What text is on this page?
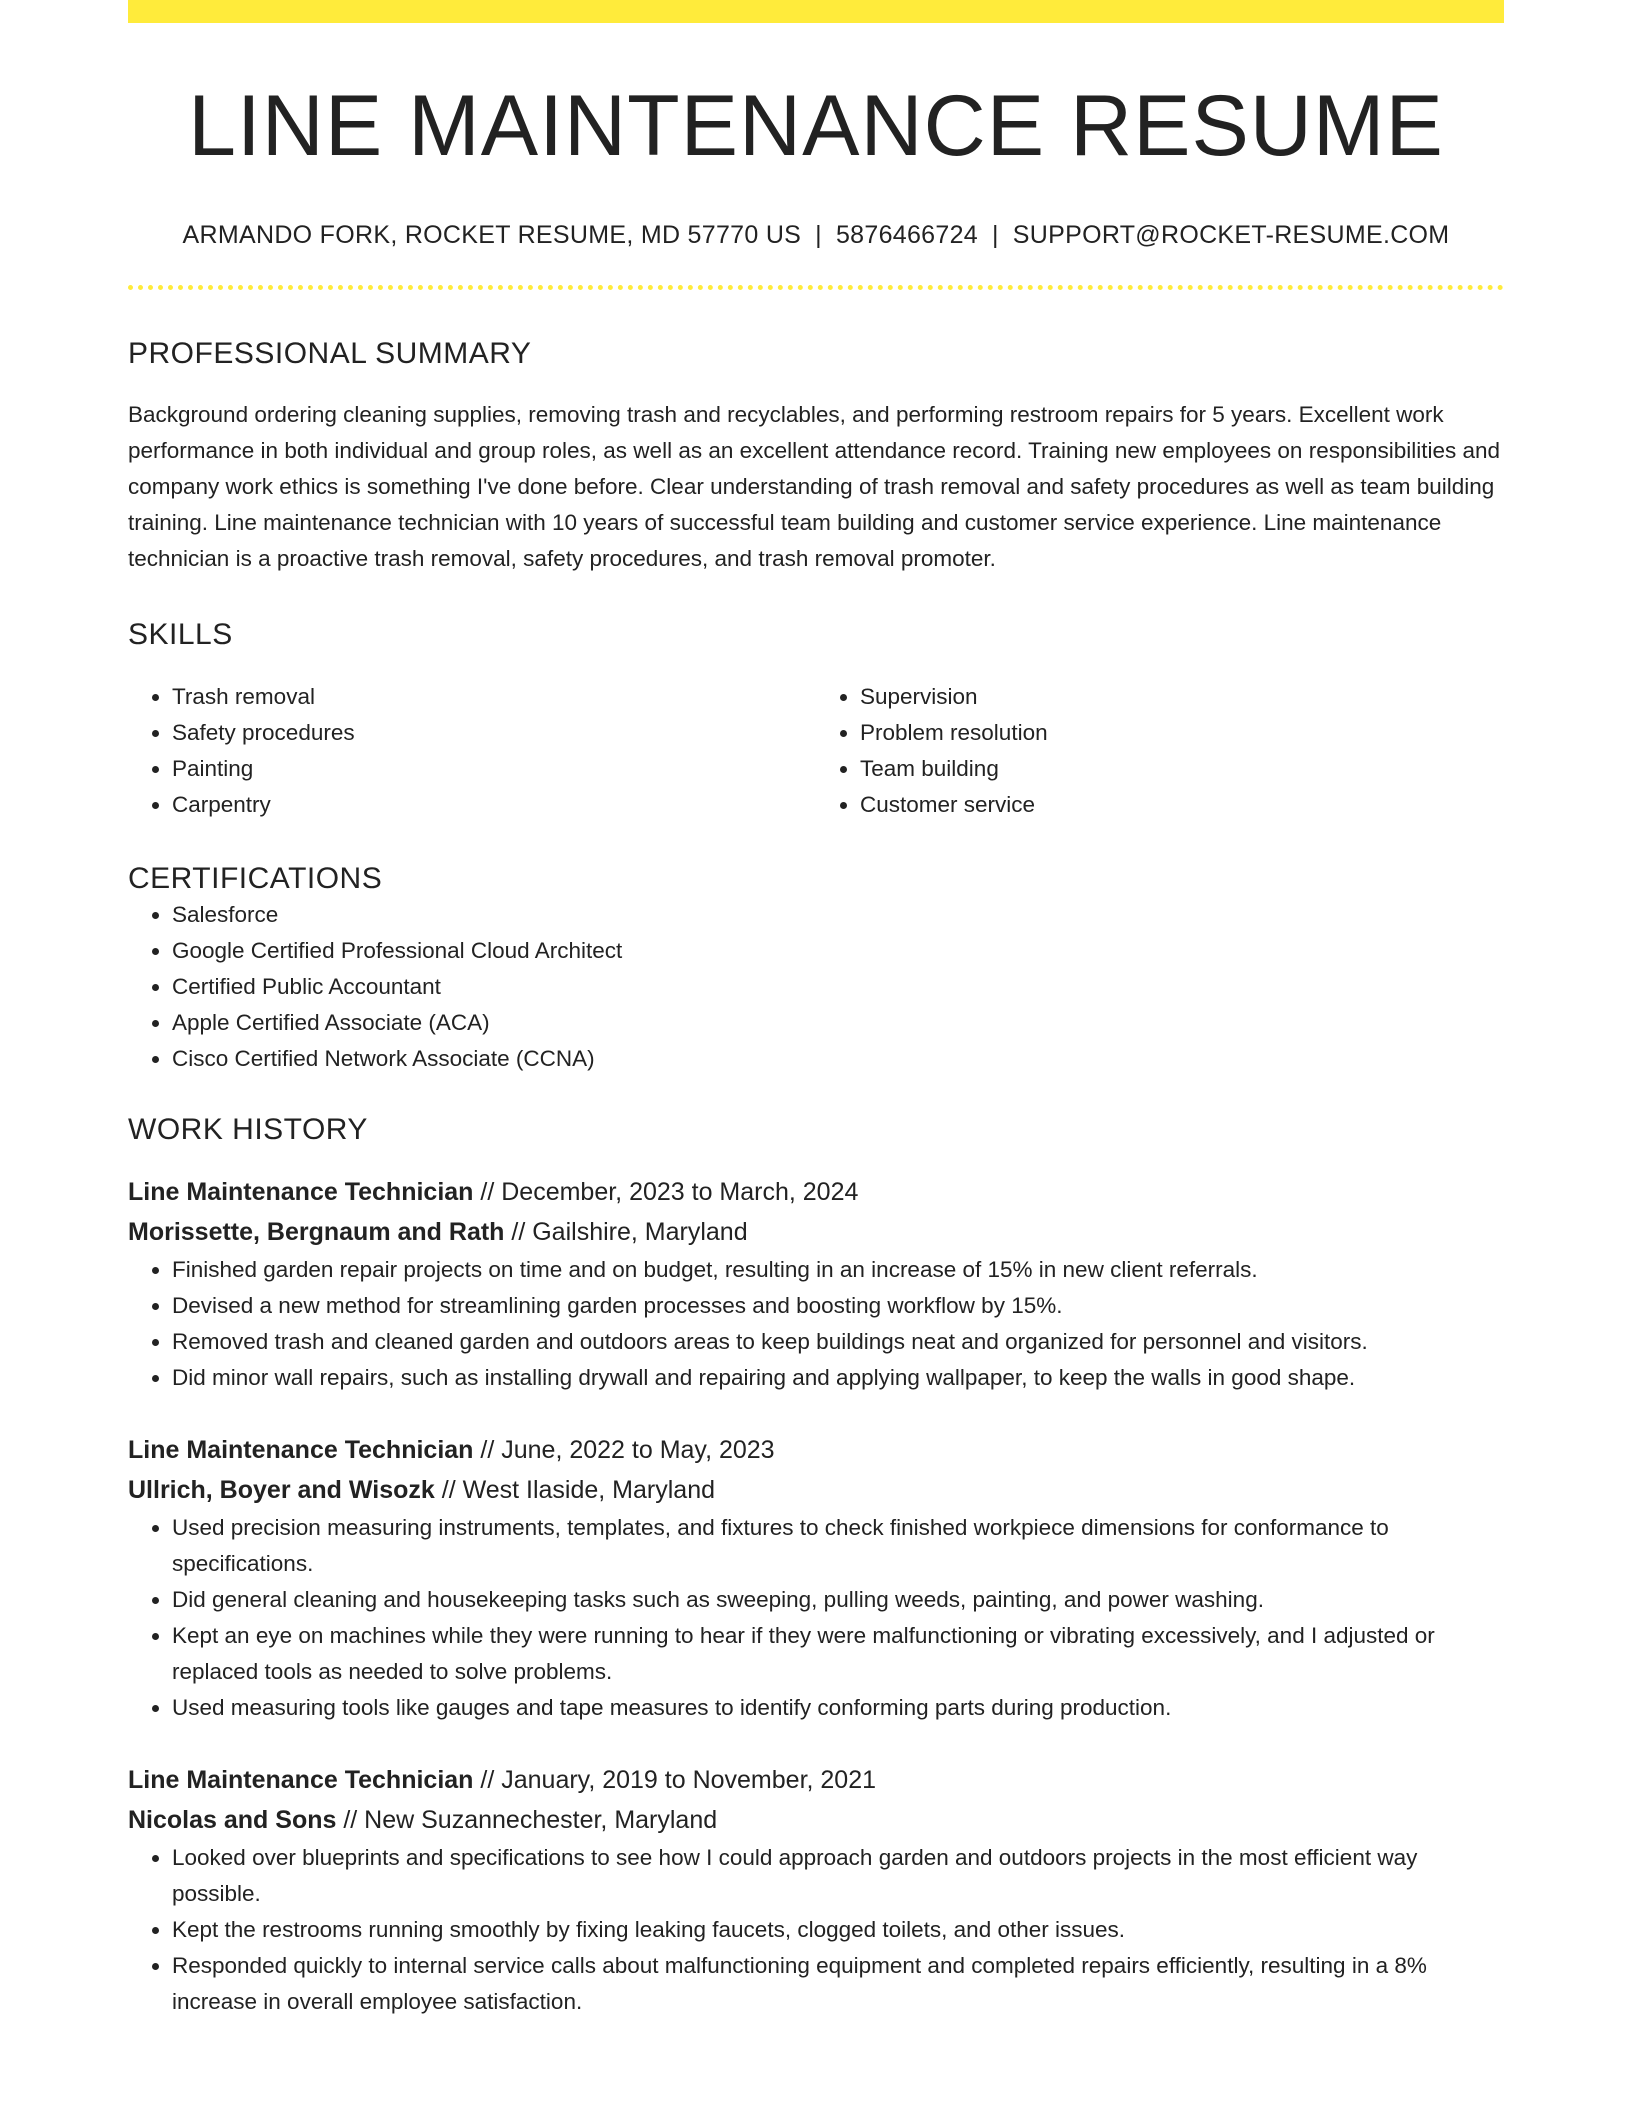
LINE MAINTENANCE RESUME
ARMANDO FORK, ROCKET RESUME, MD 57770 US | 5876466724 | SUPPORT@ROCKET-RESUME.COM
PROFESSIONAL SUMMARY

Background ordering cleaning supplies, removing trash and recyclables, and performing restroom repairs for 5 years. Excellent work performance in both individual and group roles, as well as an excellent attendance record. Training new employees on responsibilities and company work ethics is something I've done before. Clear understanding of trash removal and safety procedures as well as team building training. Line maintenance technician with 10 years of successful team building and customer service experience. Line maintenance technician is a proactive trash removal, safety procedures, and trash removal promoter.

SKILLS
• Trash removal
• Safety procedures
• Painting
• Carpentry
• Supervision
• Problem resolution
• Team building
• Customer service
CERTIFICATIONS
• Salesforce
• Google Certified Professional Cloud Architect
• Certified Public Accountant
• Apple Certified Associate (ACA)
• Cisco Certified Network Associate (CCNA)
WORK HISTORY
Line Maintenance Technician // December, 2023 to March, 2024
Morissette, Bergnaum and Rath // Gailshire, Maryland
• Finished garden repair projects on time and on budget, resulting in an increase of 15% in new client referrals.
• Devised a new method for streamlining garden processes and boosting workflow by 15%.
• Removed trash and cleaned garden and outdoors areas to keep buildings neat and organized for personnel and visitors.
• Did minor wall repairs, such as installing drywall and repairing and applying wallpaper, to keep the walls in good shape.
Line Maintenance Technician // June, 2022 to May, 2023
Ullrich, Boyer and Wisozk // West Ilaside, Maryland
• Used precision measuring instruments, templates, and fixtures to check finished workpiece dimensions for conformance to specifications.
• Did general cleaning and housekeeping tasks such as sweeping, pulling weeds, painting, and power washing.
• Kept an eye on machines while they were running to hear if they were malfunctioning or vibrating excessively, and I adjusted or replaced tools as needed to solve problems.
• Used measuring tools like gauges and tape measures to identify conforming parts during production.
Line Maintenance Technician // January, 2019 to November, 2021
Nicolas and Sons // New Suzannechester, Maryland
• Looked over blueprints and specifications to see how I could approach garden and outdoors projects in the most efficient way possible.
• Kept the restrooms running smoothly by fixing leaking faucets, clogged toilets, and other issues.
• Responded quickly to internal service calls about malfunctioning equipment and completed repairs efficiently, resulting in a 8% increase in overall employee satisfaction.
